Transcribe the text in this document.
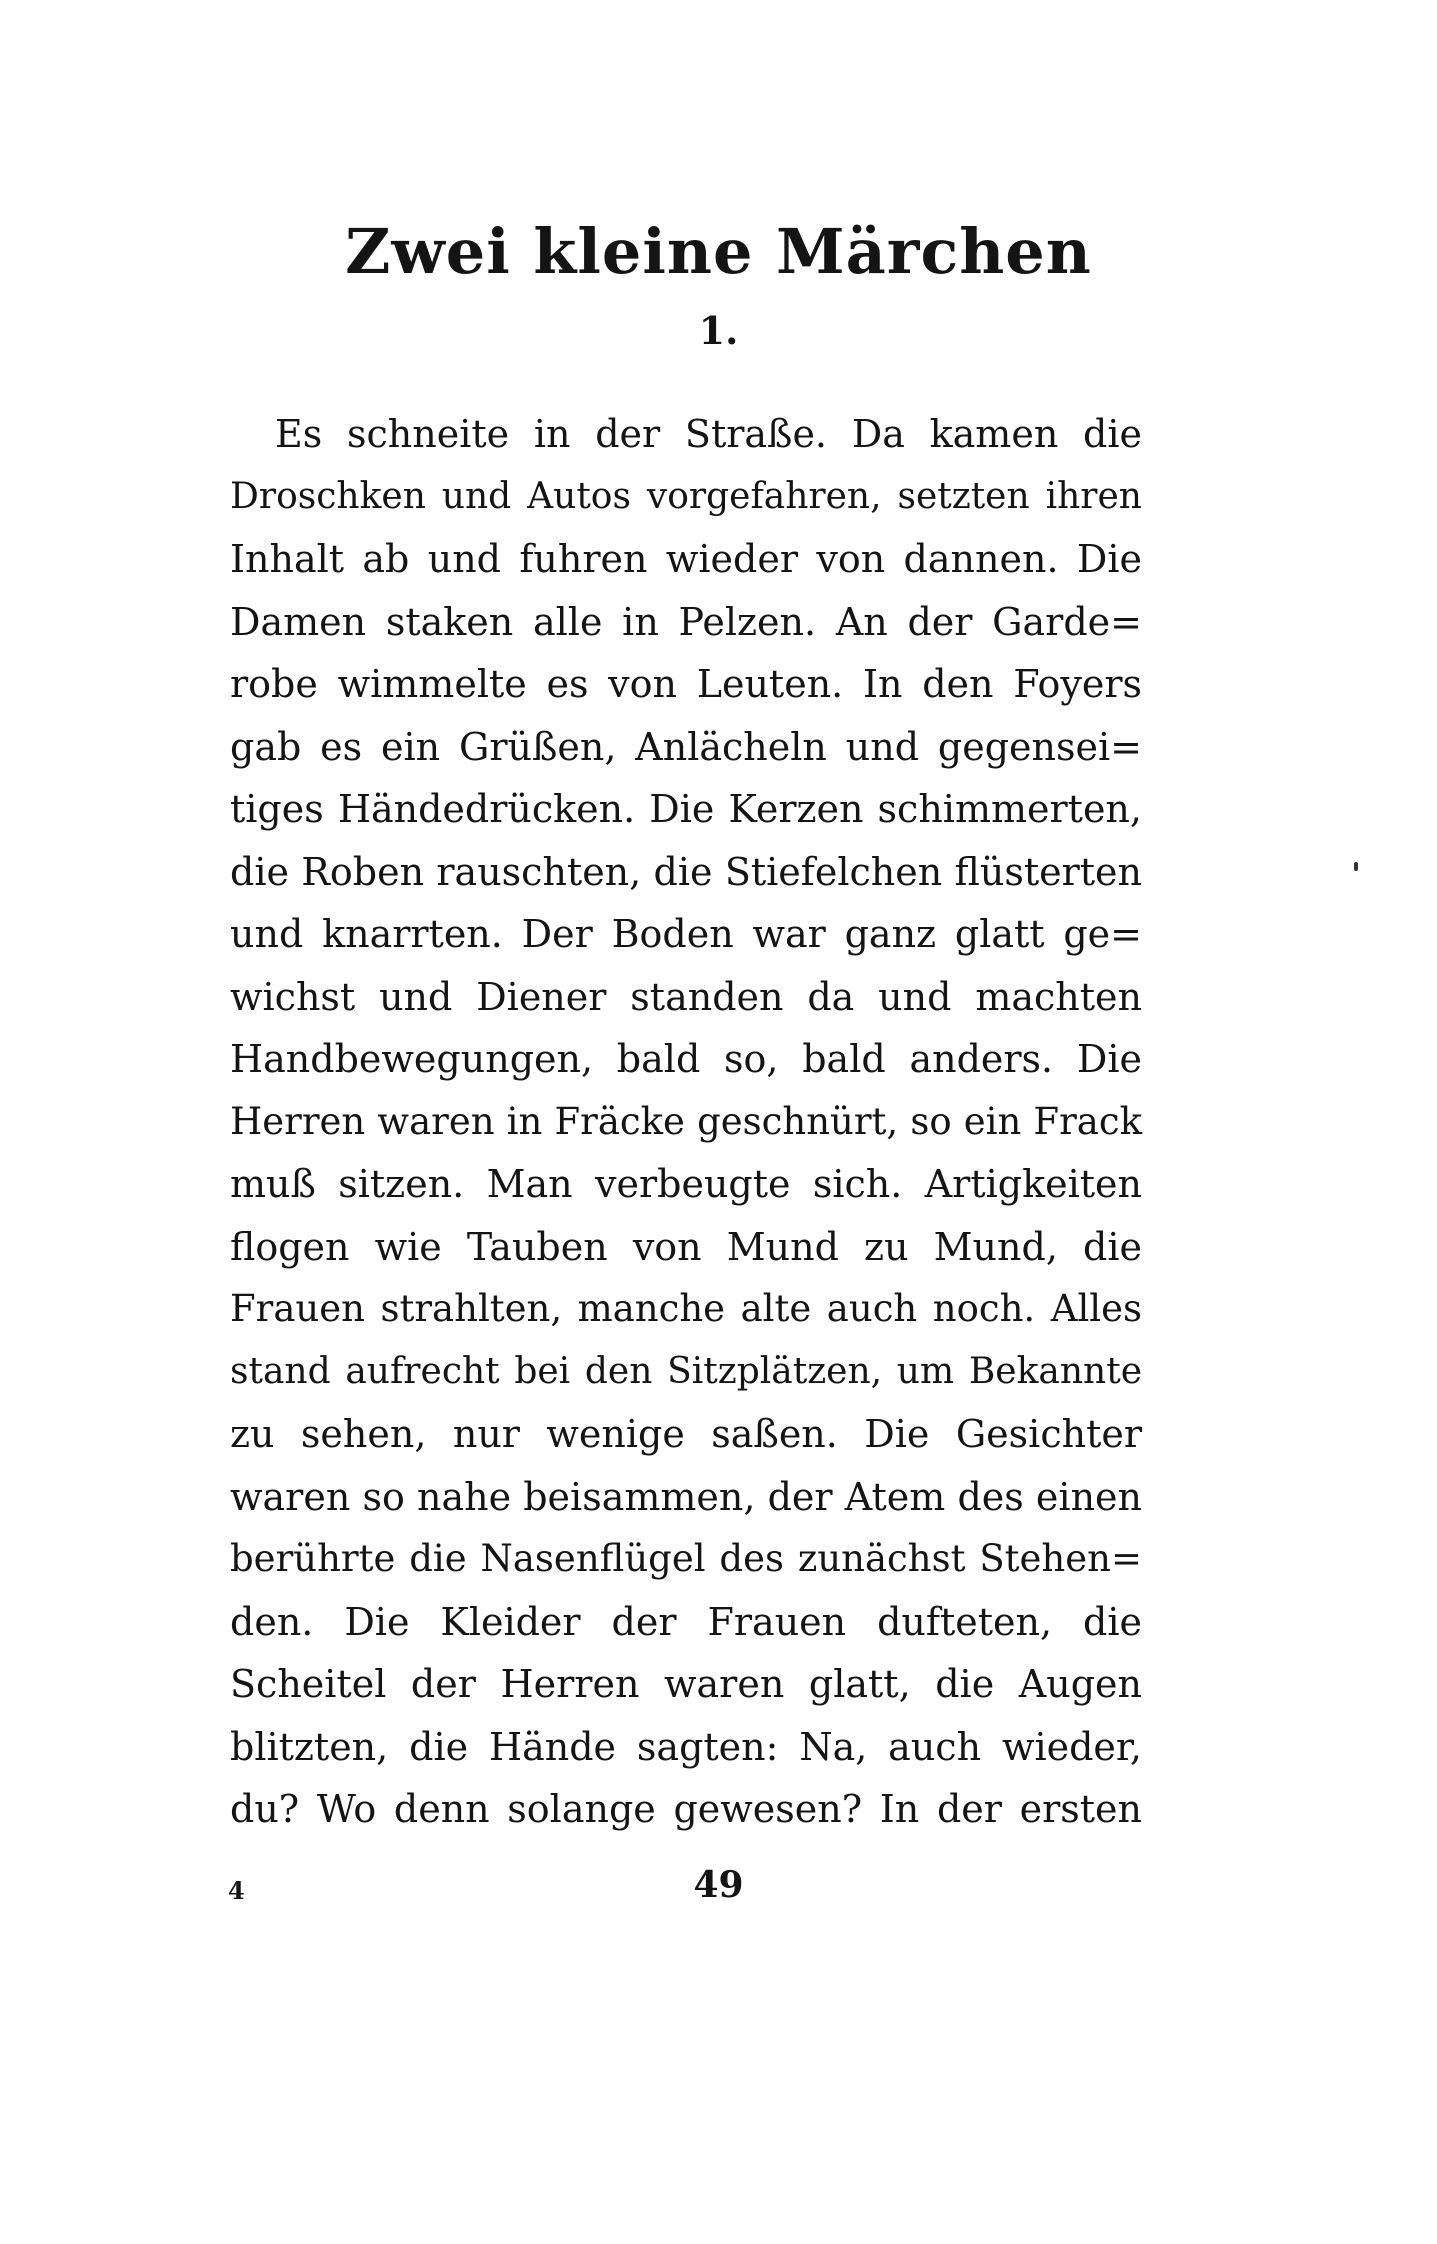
Zwei kleine Märchen
1.
Es schneite in der Straße. Da kamen die
Droschken und Autos vorgefahren, setzten ihren
Inhalt ab und fuhren wieder von dannen. Die
Damen staken alle in Pelzen. An der Garde=
robe wimmelte es von Leuten. In den Foyers
gab es ein Grüßen, Anlächeln und gegensei=
tiges Händedrücken. Die Kerzen schimmerten,
die Roben rauschten, die Stiefelchen flüsterten
und knarrten. Der Boden war ganz glatt ge=
wichst und Diener standen da und machten
Handbewegungen, bald so, bald anders. Die
Herren waren in Fräcke geschnürt, so ein Frack
muß sitzen. Man verbeugte sich. Artigkeiten
flogen wie Tauben von Mund zu Mund, die
Frauen strahlten, manche alte auch noch. Alles
stand aufrecht bei den Sitzplätzen, um Bekannte
zu sehen, nur wenige saßen. Die Gesichter
waren so nahe beisammen, der Atem des einen
berührte die Nasenflügel des zunächst Stehen=
den. Die Kleider der Frauen dufteten, die
Scheitel der Herren waren glatt, die Augen
blitzten, die Hände sagten: Na, auch wieder,
du? Wo denn solange gewesen? In der ersten
4	49
